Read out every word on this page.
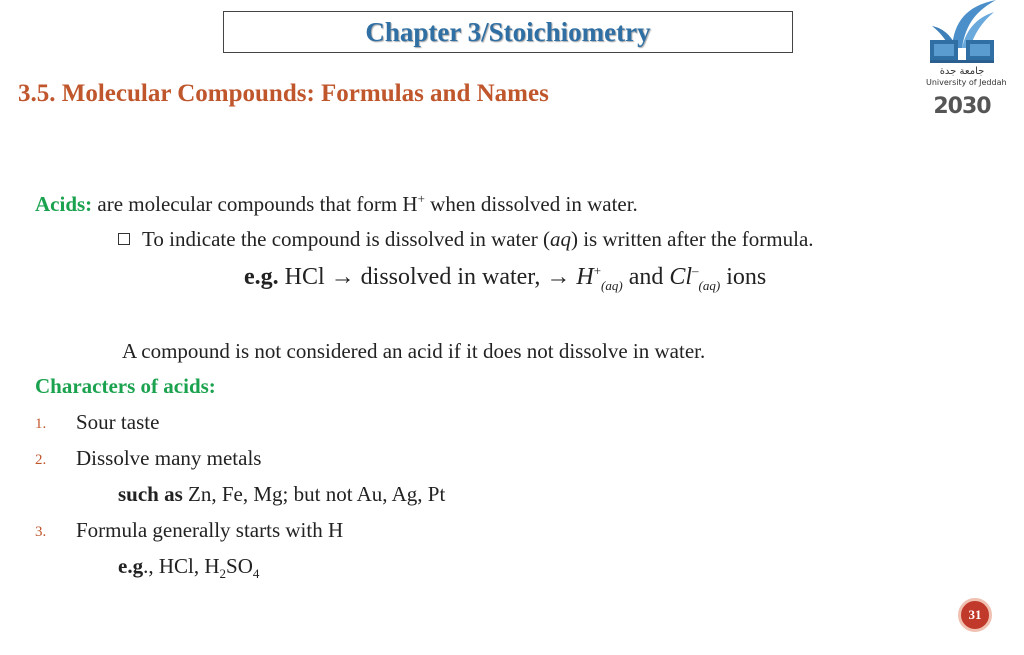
Chapter 3/Stoichiometry
جامعة جدة
University of Jeddah
2030
3.5. Molecular Compounds: Formulas and Names
Acids: are molecular compounds that form H+ when dissolved in water.
To indicate the compound is dissolved in water (aq) is written after the formula.
e.g. HCl → dissolved in water, → $H^+_{(aq)}$ and $Cl^-_{(aq)}$ ions
A compound is not considered an acid if it does not dissolve in water.
Characters of acids:
1. Sour taste
2. Dissolve many metals
such as Zn, Fe, Mg; but not Au, Ag, Pt
3. Formula generally starts with H
e.g., HCl, $H_2SO_4$
31
